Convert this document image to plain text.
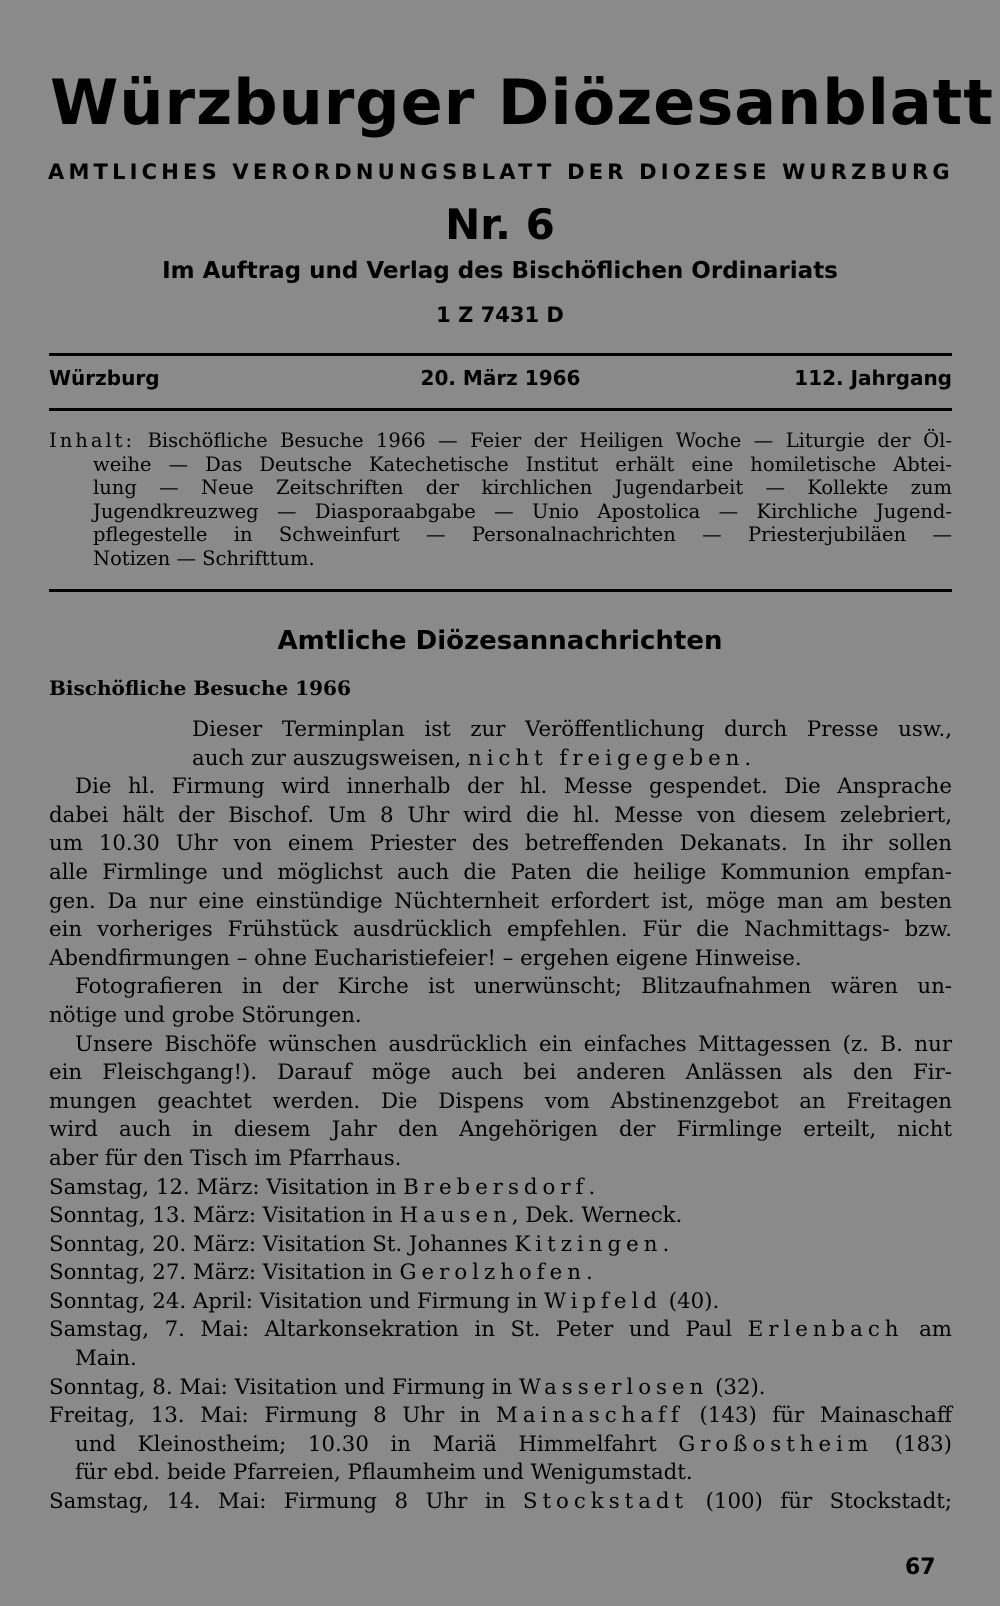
Würzburger Diözesanblatt
AMTLICHES VERORDNUNGSBLATT DER DIOZESE WURZBURG
Nr. 6
Im Auftrag und Verlag des Bischöflichen Ordinariats
1 Z 7431 D
Würzburg	20. März 1966	112. Jahrgang
Inhalt: Bischöfliche Besuche 1966 — Feier der Heiligen Woche — Liturgie der Öl-
weihe — Das Deutsche Katechetische Institut erhält eine homiletische Abtei-
lung — Neue Zeitschriften der kirchlichen Jugendarbeit — Kollekte zum
Jugendkreuzweg — Diasporaabgabe — Unio Apostolica — Kirchliche Jugend-
pflegestelle in Schweinfurt — Personalnachrichten — Priesterjubiläen —
Notizen — Schrifttum.
Amtliche Diözesannachrichten
Bischöfliche Besuche 1966
Dieser Terminplan ist zur Veröffentlichung durch Presse usw.,
auch zur auszugsweisen, nicht freigegeben.
Die hl. Firmung wird innerhalb der hl. Messe gespendet. Die Ansprache
dabei hält der Bischof. Um 8 Uhr wird die hl. Messe von diesem zelebriert,
um 10.30 Uhr von einem Priester des betreffenden Dekanats. In ihr sollen
alle Firmlinge und möglichst auch die Paten die heilige Kommunion empfan-
gen. Da nur eine einstündige Nüchternheit erfordert ist, möge man am besten
ein vorheriges Frühstück ausdrücklich empfehlen. Für die Nachmittags- bzw.
Abendfirmungen – ohne Eucharistiefeier! – ergehen eigene Hinweise.
Fotografieren in der Kirche ist unerwünscht; Blitzaufnahmen wären un-
nötige und grobe Störungen.
Unsere Bischöfe wünschen ausdrücklich ein einfaches Mittagessen (z. B. nur
ein Fleischgang!). Darauf möge auch bei anderen Anlässen als den Fir-
mungen geachtet werden. Die Dispens vom Abstinenzgebot an Freitagen
wird auch in diesem Jahr den Angehörigen der Firmlinge erteilt, nicht
aber für den Tisch im Pfarrhaus.
Samstag, 12. März: Visitation in Brebersdorf.
Sonntag, 13. März: Visitation in Hausen, Dek. Werneck.
Sonntag, 20. März: Visitation St. Johannes Kitzingen.
Sonntag, 27. März: Visitation in Gerolzhofen.
Sonntag, 24. April: Visitation und Firmung in Wipfeld (40).
Samstag, 7. Mai: Altarkonsekration in St. Peter und Paul Erlenbach am
Main.
Sonntag, 8. Mai: Visitation und Firmung in Wasserlosen (32).
Freitag, 13. Mai: Firmung 8 Uhr in Mainaschaff (143) für Mainaschaff
und Kleinostheim; 10.30 in Mariä Himmelfahrt Großostheim (183)
für ebd. beide Pfarreien, Pflaumheim und Wenigumstadt.
Samstag, 14. Mai: Firmung 8 Uhr in Stockstadt (100) für Stockstadt;
67
